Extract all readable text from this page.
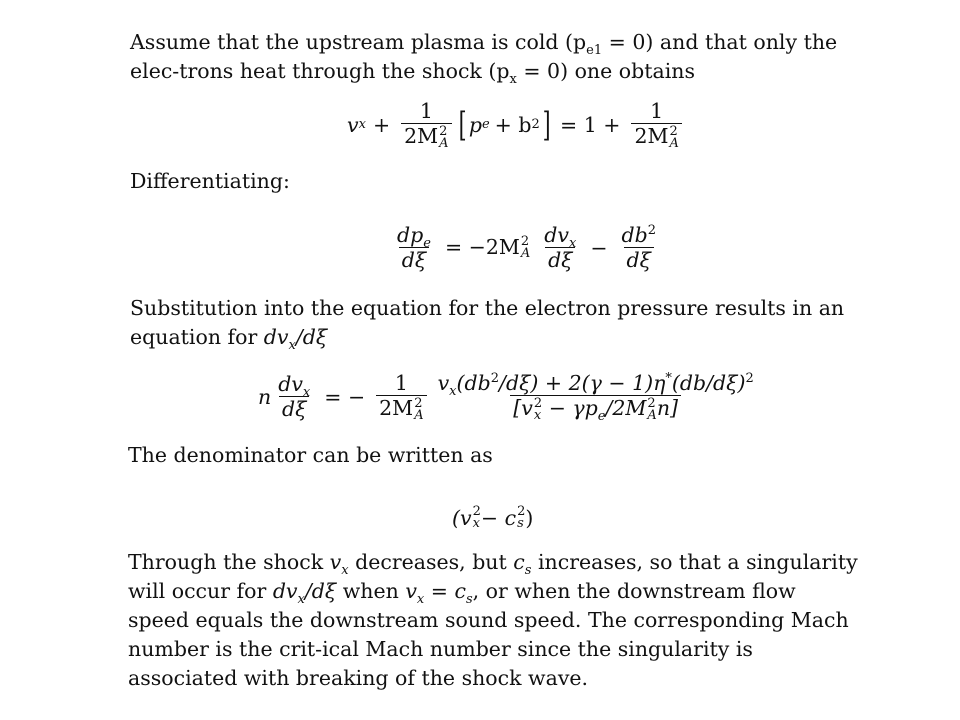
Assume that the upstream plasma is cold $(p_{e1} = 0)$ and that only the elec-trons heat through the shock $(p_x = 0)$ one obtains
v x + 1
2M 2
A [ p e + b 2 ] = 1 + 1
2M 2
A
Differentiating:
$\frac{dp_e}{d\xi} = -2M$ 2
A $\frac{dv_x}{d\xi} - \frac{db^2}{d\xi}$
Substitution into the equation for the electron pressure results in an equation for $dv_x/d\xi$
n $\frac{dv_x}{d\xi}$ = − 1
2M 2
A $v_x(db^2/d\xi) + 2(\gamma - 1)\eta^*(db/d\xi)^2$
[v 2
$x - \gamma p_e/2M$ 2
A n]
The denominator can be written as
(v 2
x − c 2
s )
Through the shock $v_x$ decreases, but $c_s$ increases, so that a singularity will occur for $dv_x/d\xi$ when $v_x = c_s$, or when the downstream flow speed equals the downstream sound speed. The corresponding Mach number is the crit-ical Mach number since the singularity is associated with breaking of the shock wave.
